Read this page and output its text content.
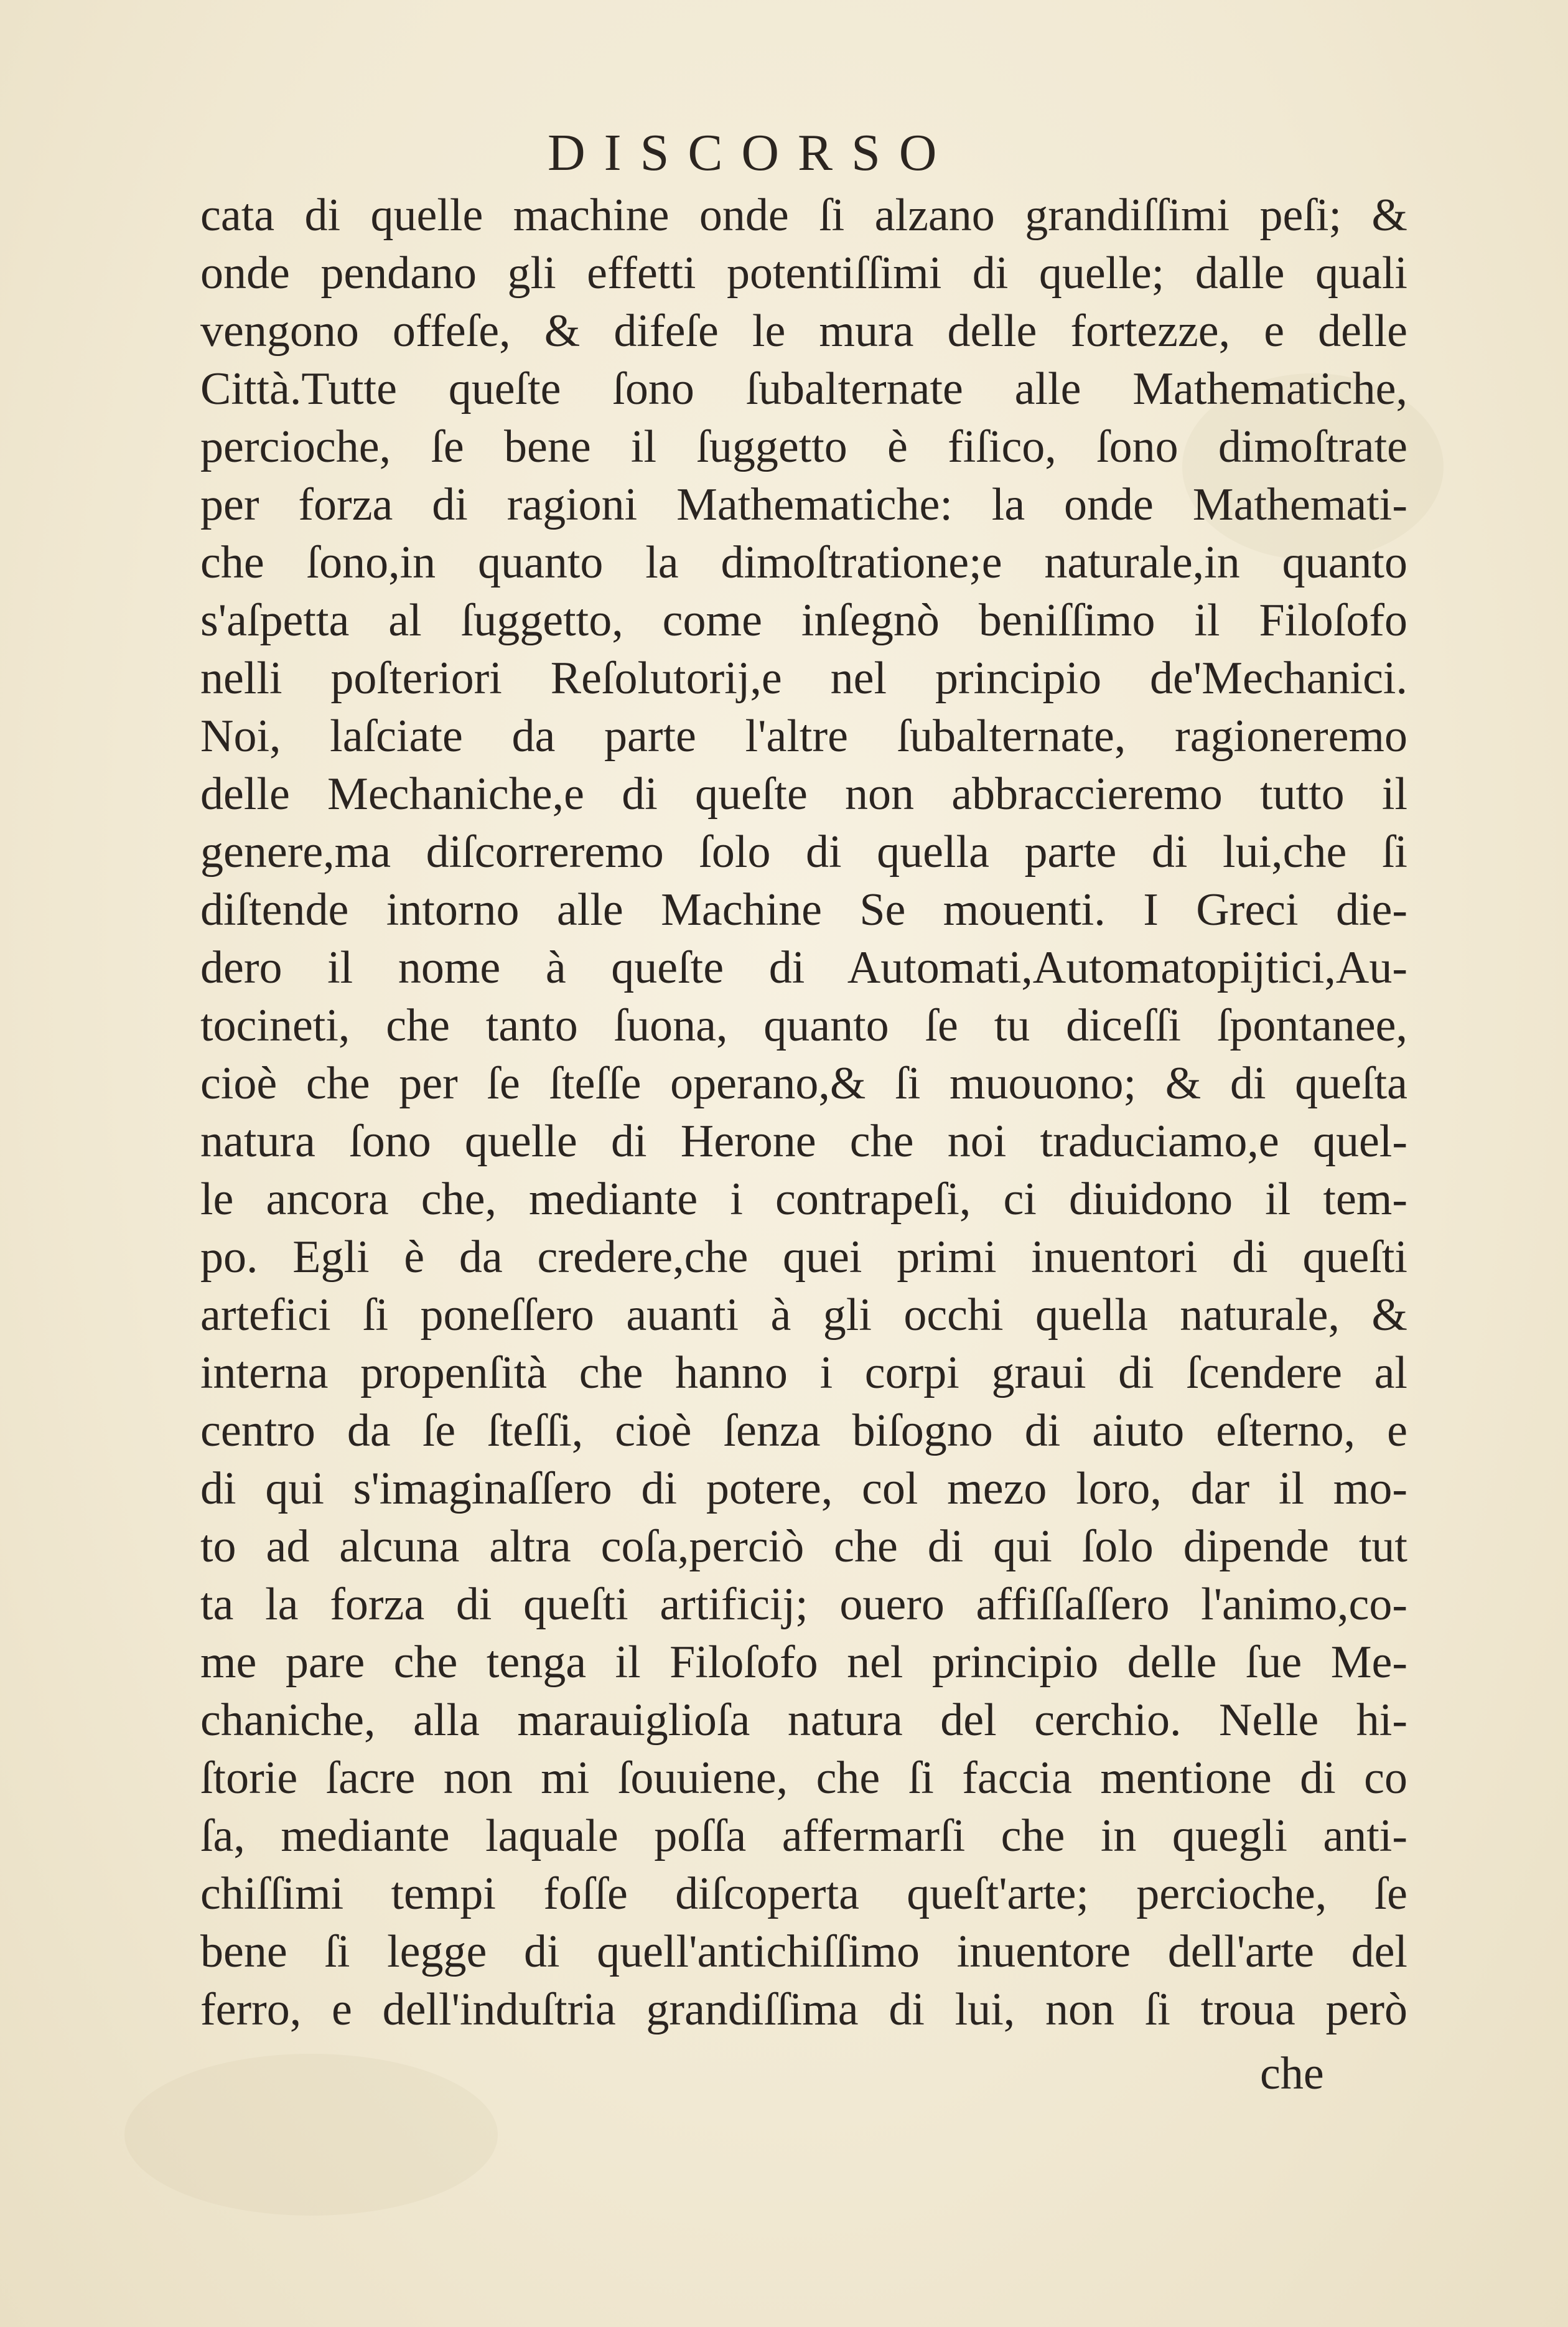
DISCORSO
cata di quelle machine onde ſi alzano grandiſſimi peſi; &
onde pendano gli effetti potentiſſimi di quelle; dalle quali
vengono offeſe, & difeſe le mura delle fortezze, e delle
Città.Tutte queſte ſono ſubalternate alle Mathematiche,
percioche, ſe bene il ſuggetto è fiſico, ſono dimoſtrate
per forza di ragioni Mathematiche: la onde Mathemati-
che ſono,in quanto la dimoſtratione;e naturale,in quanto
s'aſpetta al ſuggetto, come inſegnò beniſſimo il Filoſofo
nelli poſteriori Reſolutorij,e nel principio de'Mechanici.
Noi, laſciate da parte l'altre ſubalternate, ragioneremo
delle Mechaniche,e di queſte non abbraccieremo tutto il
genere,ma diſcorreremo ſolo di quella parte di lui,che ſi
diſtende intorno alle Machine Se mouenti. I Greci die-
dero il nome à queſte di Automati,Automatopijtici,Au-
tocineti, che tanto ſuona, quanto ſe tu diceſſi ſpontanee,
cioè che per ſe ſteſſe operano,& ſi muouono; & di queſta
natura ſono quelle di Herone che noi traduciamo,e quel-
le ancora che, mediante i contrapeſi, ci diuidono il tem-
po. Egli è da credere,che quei primi inuentori di queſti
artefici ſi poneſſero auanti à gli occhi quella naturale, &
interna propenſità che hanno i corpi graui di ſcendere al
centro da ſe ſteſſi, cioè ſenza biſogno di aiuto eſterno, e
di qui s'imaginaſſero di potere, col mezo loro, dar il mo-
to ad alcuna altra coſa,perciò che di qui ſolo dipende tut
ta la forza di queſti artificij; ouero affiſſaſſero l'animo,co-
me pare che tenga il Filoſofo nel principio delle ſue Me-
chaniche, alla marauiglioſa natura del cerchio. Nelle hi-
ſtorie ſacre non mi ſouuiene, che ſi faccia mentione di co
ſa, mediante laquale poſſa affermarſi che in quegli anti-
chiſſimi tempi foſſe diſcoperta queſt'arte; percioche, ſe
bene ſi legge di quell'antichiſſimo inuentore dell'arte del
ferro, e dell'induſtria grandiſſima di lui, non ſi troua però
che
